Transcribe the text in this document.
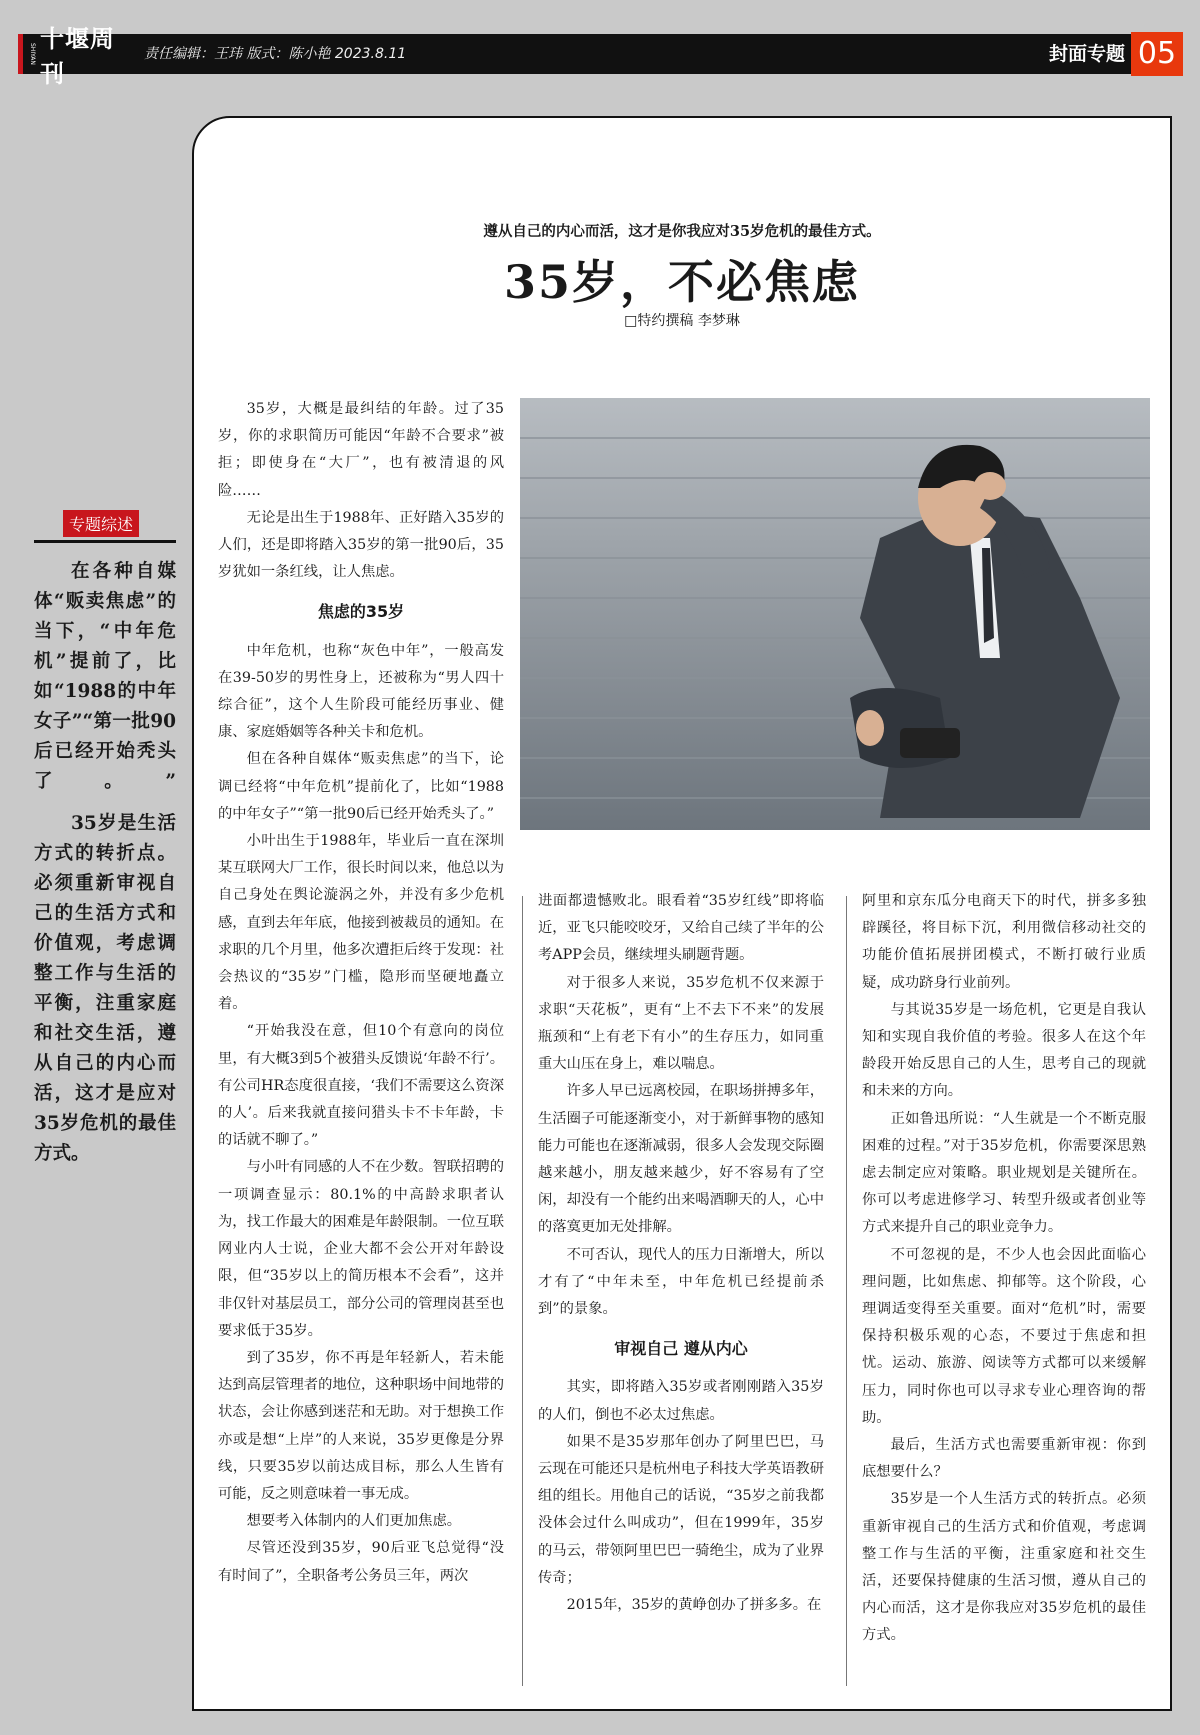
SHIYAN
十堰周刊
责任编辑：王玮 版式：陈小艳 2023.8.11	封面专题 05
专题综述

在各种自媒体“贩卖焦虑”的当下，“中年危机”提前了，比如“1988的中年女子”“第一批90后已经开始秃头了。”

35岁是生活方式的转折点。必须重新审视自己的生活方式和价值观，考虑调整工作与生活的平衡，注重家庭和社交生活，遵从自己的内心而活，这才是应对35岁危机的最佳方式。

遵从自己的内心而活，这才是你我应对35岁危机的最佳方式。
35岁，不必焦虑
□特约撰稿 李梦琳

35岁，大概是最纠结的年龄。过了35岁，你的求职简历可能因“年龄不合要求”被拒；即使身在“大厂”，也有被清退的风险……

无论是出生于1988年、正好踏入35岁的人们，还是即将踏入35岁的第一批90后，35岁犹如一条红线，让人焦虑。

焦虑的35岁

中年危机，也称“灰色中年”，一般高发在39-50岁的男性身上，还被称为“男人四十综合征”，这个人生阶段可能经历事业、健康、家庭婚姻等各种关卡和危机。

但在各种自媒体“贩卖焦虑”的当下，论调已经将“中年危机”提前化了，比如“1988的中年女子”“第一批90后已经开始秃头了。”

小叶出生于1988年，毕业后一直在深圳某互联网大厂工作，很长时间以来，他总以为自己身处在舆论漩涡之外，并没有多少危机感，直到去年年底，他接到被裁员的通知。在求职的几个月里，他多次遭拒后终于发现：社会热议的“35岁”门槛，隐形而坚硬地矗立着。

“开始我没在意，但10个有意向的岗位里，有大概3到5个被猎头反馈说‘年龄不行’。有公司HR态度很直接，‘我们不需要这么资深的人’。后来我就直接问猎头卡不卡年龄，卡的话就不聊了。”

与小叶有同感的人不在少数。智联招聘的一项调查显示：80.1%的中高龄求职者认为，找工作最大的困难是年龄限制。一位互联网业内人士说，企业大都不会公开对年龄设限，但“35岁以上的简历根本不会看”，这并非仅针对基层员工，部分公司的管理岗甚至也要求低于35岁。

到了35岁，你不再是年轻新人，若未能达到高层管理者的地位，这种职场中间地带的状态，会让你感到迷茫和无助。对于想换工作亦或是想“上岸”的人来说，35岁更像是分界线，只要35岁以前达成目标，那么人生皆有可能，反之则意味着一事无成。

想要考入体制内的人们更加焦虑。

尽管还没到35岁，90后亚飞总觉得“没有时间了”，全职备考公务员三年，两次

进面都遗憾败北。眼看着“35岁红线”即将临近，亚飞只能咬咬牙，又给自己续了半年的公考APP会员，继续埋头刷题背题。

对于很多人来说，35岁危机不仅来源于求职“天花板”，更有“上不去下不来”的发展瓶颈和“上有老下有小”的生存压力，如同重重大山压在身上，难以喘息。

许多人早已远离校园，在职场拼搏多年，生活圈子可能逐渐变小，对于新鲜事物的感知能力可能也在逐渐减弱，很多人会发现交际圈越来越小，朋友越来越少，好不容易有了空闲，却没有一个能约出来喝酒聊天的人，心中的落寞更加无处排解。

不可否认，现代人的压力日渐增大，所以才有了“中年未至，中年危机已经提前杀到”的景象。

审视自己 遵从内心

其实，即将踏入35岁或者刚刚踏入35岁的人们，倒也不必太过焦虑。

如果不是35岁那年创办了阿里巴巴，马云现在可能还只是杭州电子科技大学英语教研组的组长。用他自己的话说，“35岁之前我都没体会过什么叫成功”，但在1999年，35岁的马云，带领阿里巴巴一骑绝尘，成为了业界传奇；

2015年，35岁的黄峥创办了拼多多。在

阿里和京东瓜分电商天下的时代，拼多多独辟蹊径，将目标下沉，利用微信移动社交的功能价值拓展拼团模式，不断打破行业质疑，成功跻身行业前列。

与其说35岁是一场危机，它更是自我认知和实现自我价值的考验。很多人在这个年龄段开始反思自己的人生，思考自己的现就和未来的方向。

正如鲁迅所说：“人生就是一个不断克服困难的过程。”对于35岁危机，你需要深思熟虑去制定应对策略。职业规划是关键所在。你可以考虑进修学习、转型升级或者创业等方式来提升自己的职业竞争力。

不可忽视的是，不少人也会因此面临心理问题，比如焦虑、抑郁等。这个阶段，心理调适变得至关重要。面对“危机”时，需要保持积极乐观的心态，不要过于焦虑和担忧。运动、旅游、阅读等方式都可以来缓解压力，同时你也可以寻求专业心理咨询的帮助。

最后，生活方式也需要重新审视：你到底想要什么？

35岁是一个人生活方式的转折点。必须重新审视自己的生活方式和价值观，考虑调整工作与生活的平衡，注重家庭和社交生活，还要保持健康的生活习惯，遵从自己的内心而活，这才是你我应对35岁危机的最佳方式。
